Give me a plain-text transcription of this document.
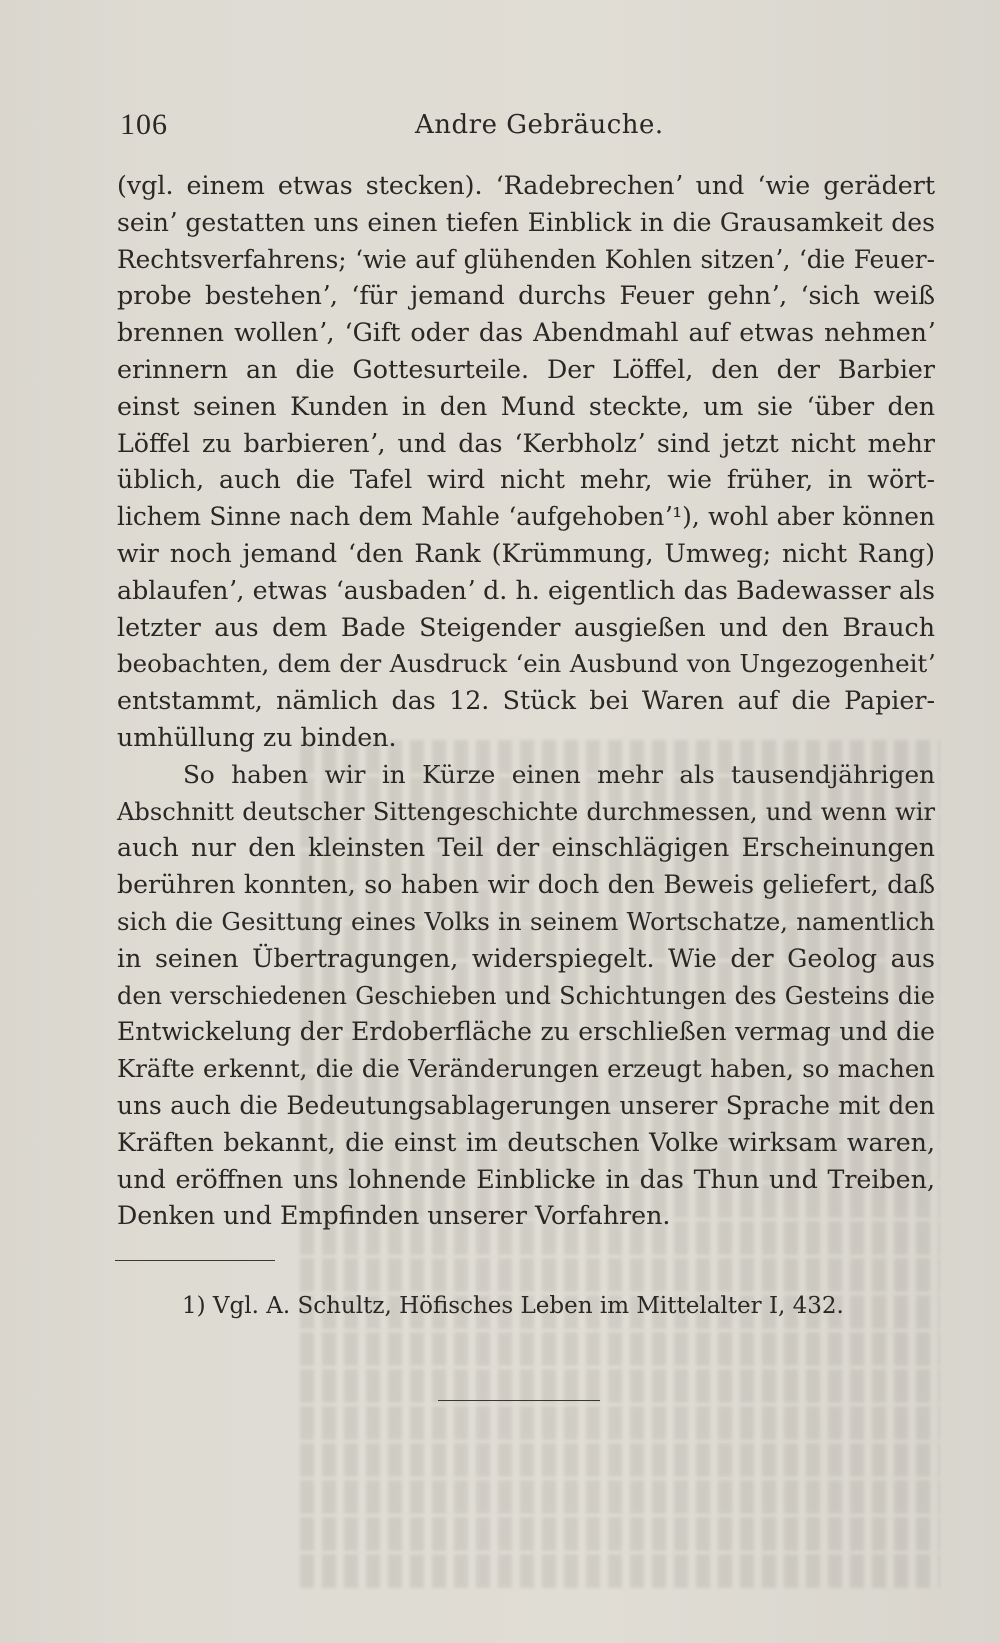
106	Andre Gebräuche.
(vgl. einem etwas stecken). ʻRadebrechenʼ und ʻwie gerädert
seinʼ gestatten uns einen tiefen Einblick in die Grausamkeit des
Rechtsverfahrens; ʻwie auf glühenden Kohlen sitzenʼ, ʻdie Feuer-
probe bestehenʼ, ʻfür jemand durchs Feuer gehnʼ, ʻsich weiß
brennen wollenʼ, ʻGift oder das Abendmahl auf etwas nehmenʼ
erinnern an die Gottesurteile. Der Löffel, den der Barbier
einst seinen Kunden in den Mund steckte, um sie ʻüber den
Löffel zu barbierenʼ, und das ʻKerbholzʼ sind jetzt nicht mehr
üblich, auch die Tafel wird nicht mehr, wie früher, in wört-
lichem Sinne nach dem Mahle ʻaufgehobenʼ¹), wohl aber können
wir noch jemand ʻden Rank (Krümmung, Umweg; nicht Rang)
ablaufenʼ, etwas ʻausbadenʼ d. h. eigentlich das Badewasser als
letzter aus dem Bade Steigender ausgießen und den Brauch
beobachten, dem der Ausdruck ʻein Ausbund von Ungezogenheitʼ
entstammt, nämlich das 12. Stück bei Waren auf die Papier-
umhüllung zu binden.
So haben wir in Kürze einen mehr als tausendjährigen
Abschnitt deutscher Sittengeschichte durchmessen, und wenn wir
auch nur den kleinsten Teil der einschlägigen Erscheinungen
berühren konnten, so haben wir doch den Beweis geliefert, daß
sich die Gesittung eines Volks in seinem Wortschatze, namentlich
in seinen Übertragungen, widerspiegelt. Wie der Geolog aus
den verschiedenen Geschieben und Schichtungen des Gesteins die
Entwickelung der Erdoberfläche zu erschließen vermag und die
Kräfte erkennt, die die Veränderungen erzeugt haben, so machen
uns auch die Bedeutungsablagerungen unserer Sprache mit den
Kräften bekannt, die einst im deutschen Volke wirksam waren,
und eröffnen uns lohnende Einblicke in das Thun und Treiben,
Denken und Empfinden unserer Vorfahren.
1) Vgl. A. Schultz, Höfisches Leben im Mittelalter I, 432.
